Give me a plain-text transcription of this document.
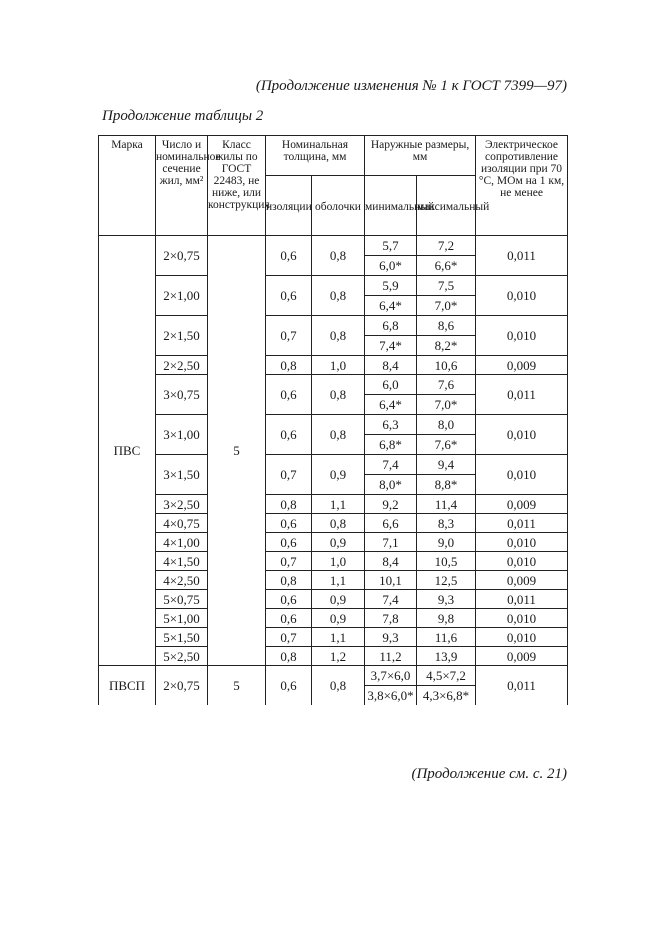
(Продолжение изменения № 1 к ГОСТ 7399—97)
Продолжение таблицы 2
Марка	Число и номинальное сечение жил, мм²	Класс жилы по ГОСТ 22483, не ниже, или конструкция	Номинальная толщина, мм		Наружные размеры, мм		Электрическое сопротивление изоляции при 70 °С, МОм на 1 км, не менее
			изоляции	оболочки	минимальный	максимальный	
ПВС	2×0,75	5	0,6	0,8	5,7	7,2	0,011
					6,0*	6,6*	
	2×1,00		0,6	0,8	5,9	7,5	0,010
					6,4*	7,0*	
	2×1,50		0,7	0,8	6,8	8,6	0,010
					7,4*	8,2*	
	2×2,50		0,8	1,0	8,4	10,6	0,009
	3×0,75		0,6	0,8	6,0	7,6	0,011
					6,4*	7,0*	
	3×1,00		0,6	0,8	6,3	8,0	0,010
					6,8*	7,6*	
	3×1,50		0,7	0,9	7,4	9,4	0,010
					8,0*	8,8*	
	3×2,50		0,8	1,1	9,2	11,4	0,009
	4×0,75		0,6	0,8	6,6	8,3	0,011
	4×1,00		0,6	0,9	7,1	9,0	0,010
	4×1,50		0,7	1,0	8,4	10,5	0,010
	4×2,50		0,8	1,1	10,1	12,5	0,009
	5×0,75		0,6	0,9	7,4	9,3	0,011
	5×1,00		0,6	0,9	7,8	9,8	0,010
	5×1,50		0,7	1,1	9,3	11,6	0,010
	5×2,50		0,8	1,2	11,2	13,9	0,009
ПВСП	2×0,75	5	0,6	0,8	3,7×6,0	4,5×7,2	0,011
					3,8×6,0*	4,3×6,8*	
(Продолжение см. с. 21)
